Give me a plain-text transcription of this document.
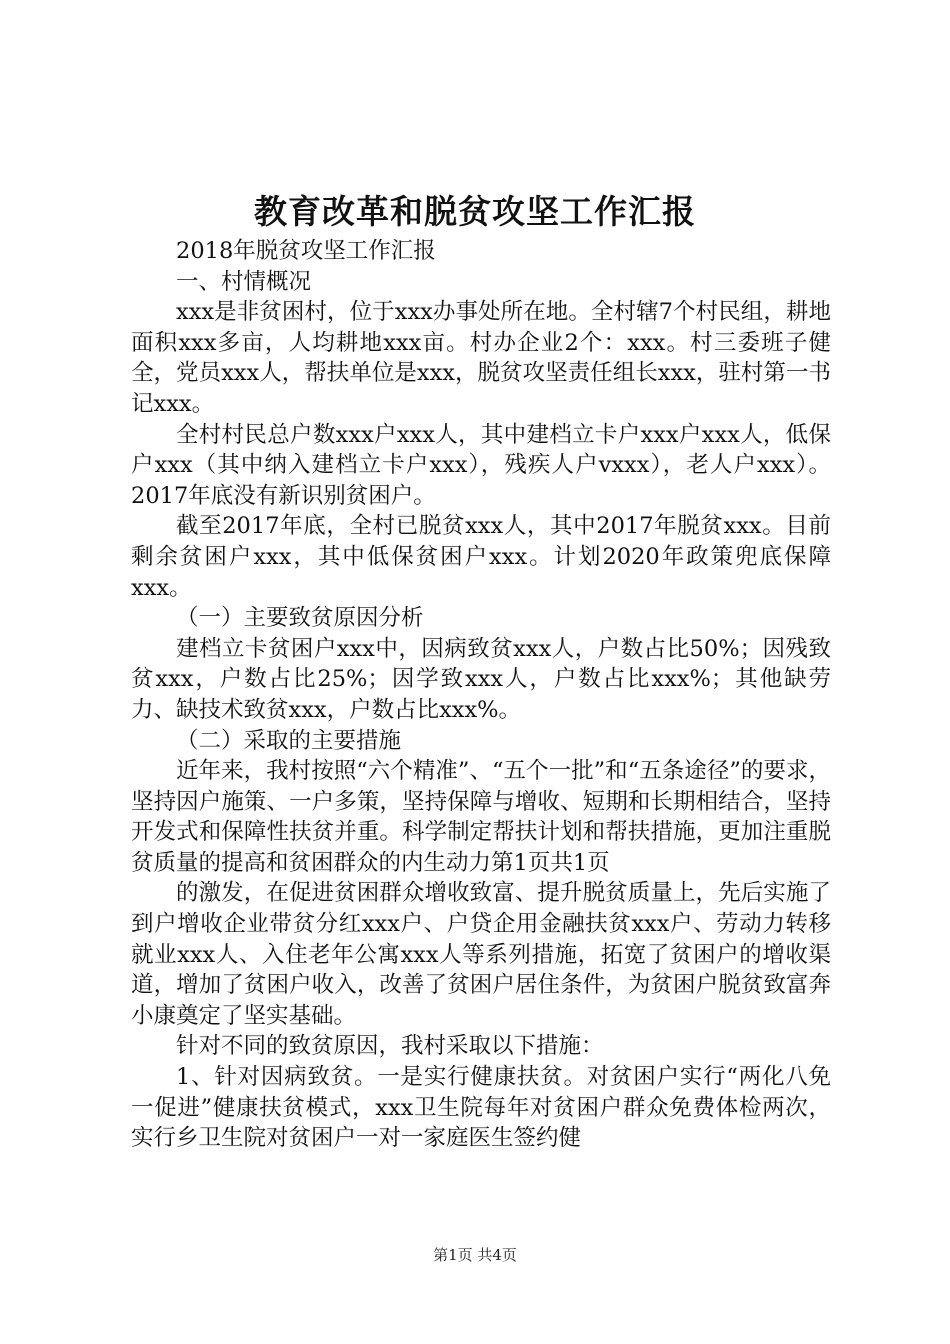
教育改革和脱贫攻坚工作汇报

2018年脱贫攻坚工作汇报

一、村情概况

xxx是非贫困村，位于xxx办事处所在地。全村辖7个村民组，耕地面积xxx多亩，人均耕地xxx亩。村办企业2个：xxx。村三委班子健全，党员xxx人，帮扶单位是xxx，脱贫攻坚责任组长xxx，驻村第一书记xxx。

全村村民总户数xxx户xxx人，其中建档立卡户xxx户xxx人，低保户xxx（其中纳入建档立卡户xxx），残疾人户vxxx），老人户xxx）。2017年底没有新识别贫困户。

截至2017年底，全村已脱贫xxx人，其中2017年脱贫xxx。目前剩余贫困户xxx，其中低保贫困户xxx。计划2020年政策兜底保障xxx。

（一）主要致贫原因分析

建档立卡贫困户xxx中，因病致贫xxx人，户数占比50%；因残致贫xxx，户数占比25%；因学致xxx人，户数占比xxx%；其他缺劳力、缺技术致贫xxx，户数占比xxx%。

（二）采取的主要措施

近年来，我村按照“六个精准”、“五个一批”和“五条途径”的要求，坚持因户施策、一户多策，坚持保障与增收、短期和长期相结合，坚持开发式和保障性扶贫并重。科学制定帮扶计划和帮扶措施，更加注重脱贫质量的提高和贫困群众的内生动力第1页共1页

的激发，在促进贫困群众增收致富、提升脱贫质量上，先后实施了到户增收企业带贫分红xxx户、户贷企用金融扶贫xxx户、劳动力转移就业xxx人、入住老年公寓xxx人等系列措施，拓宽了贫困户的增收渠道，增加了贫困户收入，改善了贫困户居住条件，为贫困户脱贫致富奔小康奠定了坚实基础。

针对不同的致贫原因，我村采取以下措施：

1、针对因病致贫。一是实行健康扶贫。对贫困户实行“两化八免一促进”健康扶贫模式，xxx卫生院每年对贫困户群众免费体检两次，实行乡卫生院对贫困户一对一家庭医生签约健

第1页 共4页
